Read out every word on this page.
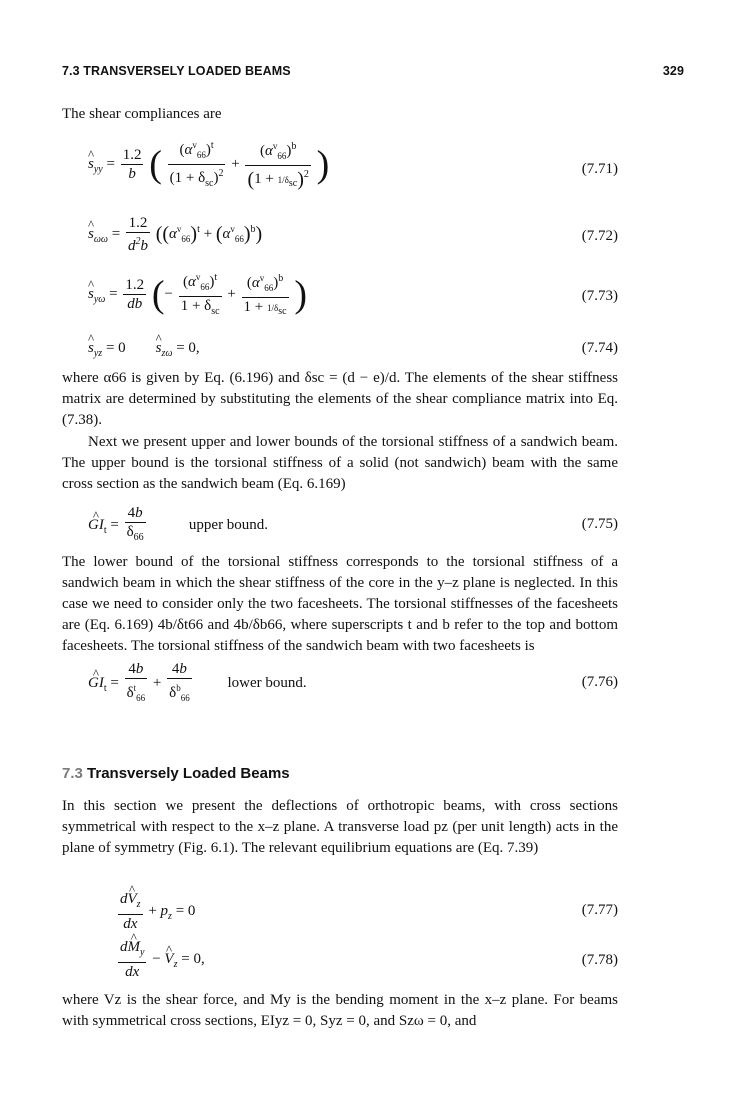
7.3 TRANSVERSELY LOADED BEAMS	329
The shear compliances are
^ $s_{yy} = \frac{1.2}{b}$ ( $\frac{(\alpha^v_{66})^t}{(1 + \delta_{sc})^2} + \frac{(\alpha^v_{66})^b}{(1 + 1/\delta_{sc})^2}$ )	(7.71)
^ $s_{\omega\omega} = \frac{1.2}{d^2b} ((\alpha^v_{66})^t + (\alpha^v_{66})^b)$	(7.72)
^ $s_{y\omega} = \frac{1.2}{db}$ (− $\frac{(\alpha^v_{66})^t}{1 + \delta_{sc}} + \frac{(\alpha^v_{66})^b}{1 + 1/\delta_{sc}}$ )	(7.73)
^ $s_{yz} = 0$        ^ $s_{z\omega} = 0$,	(7.74)
where α66 is given by Eq. (6.196) and δsc = (d − e)/d. The elements of the shear stiffness matrix are determined by substituting the elements of the shear compliance matrix into Eq. (7.38).
Next we present upper and lower bounds of the torsional stiffness of a sandwich beam. The upper bound is the torsional stiffness of a solid (not sandwich) beam with the same cross section as the sandwich beam (Eq. 6.169)
^ $GI_t = \frac{4b}{\delta_{66}}$	upper bound.	(7.75)
The lower bound of the torsional stiffness corresponds to the torsional stiffness of a sandwich beam in which the shear stiffness of the core in the y–z plane is neglected. In this case we need to consider only the two facesheets. The torsional stiffnesses of the facesheets are (Eq. 6.169) 4b/δt66 and 4b/δb66, where superscripts t and b refer to the top and bottom facesheets. The torsional stiffness of the sandwich beam with two facesheets is
^ $GI_t = \frac{4b}{\delta^t_{66}} + \frac{4b}{\delta^b_{66}}$ lower bound.	(7.76)
7.3 Transversely Loaded Beams
In this section we present the deflections of orthotropic beams, with cross sections symmetrical with respect to the x–z plane. A transverse load pz (per unit length) acts in the plane of symmetry (Fig. 6.1). The relevant equilibrium equations are (Eq. 7.39)
$\frac{d\^{} V_z}{dx} + p_z = 0$	(7.77)
$\frac{d\^{} M_y}{dx}$ − ^ $V_z = 0$,	(7.78)
where Vz is the shear force, and My is the bending moment in the x–z plane. For beams with symmetrical cross sections, EIyz = 0, Syz = 0, and Szω = 0, and
